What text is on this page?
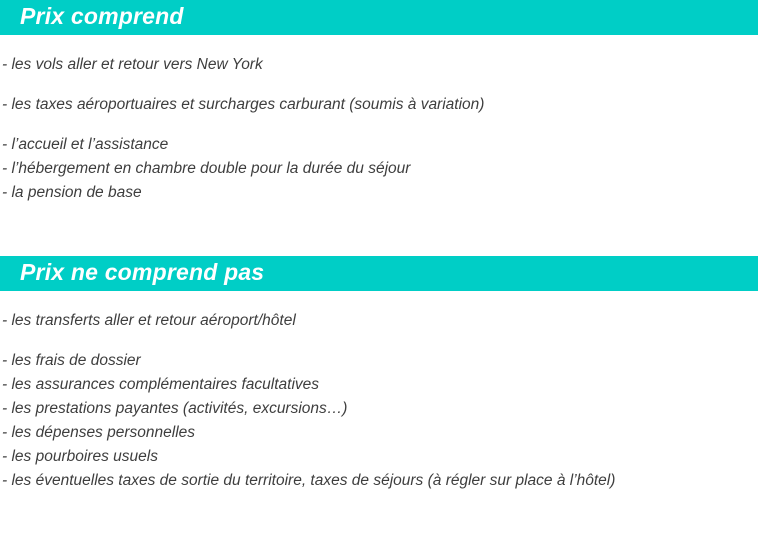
Prix comprend
- les vols aller et retour vers New York
- les taxes aéroportuaires et surcharges carburant (soumis à variation)
- l’accueil et l’assistance
- l’hébergement en chambre double pour la durée du séjour
- la pension de base
Prix ne comprend pas
- les transferts aller et retour aéroport/hôtel
- les frais de dossier
- les assurances complémentaires facultatives
- les prestations payantes (activités, excursions…)
- les dépenses personnelles
- les pourboires usuels
- les éventuelles taxes de sortie du territoire, taxes de séjours (à régler sur place à l’hôtel)
